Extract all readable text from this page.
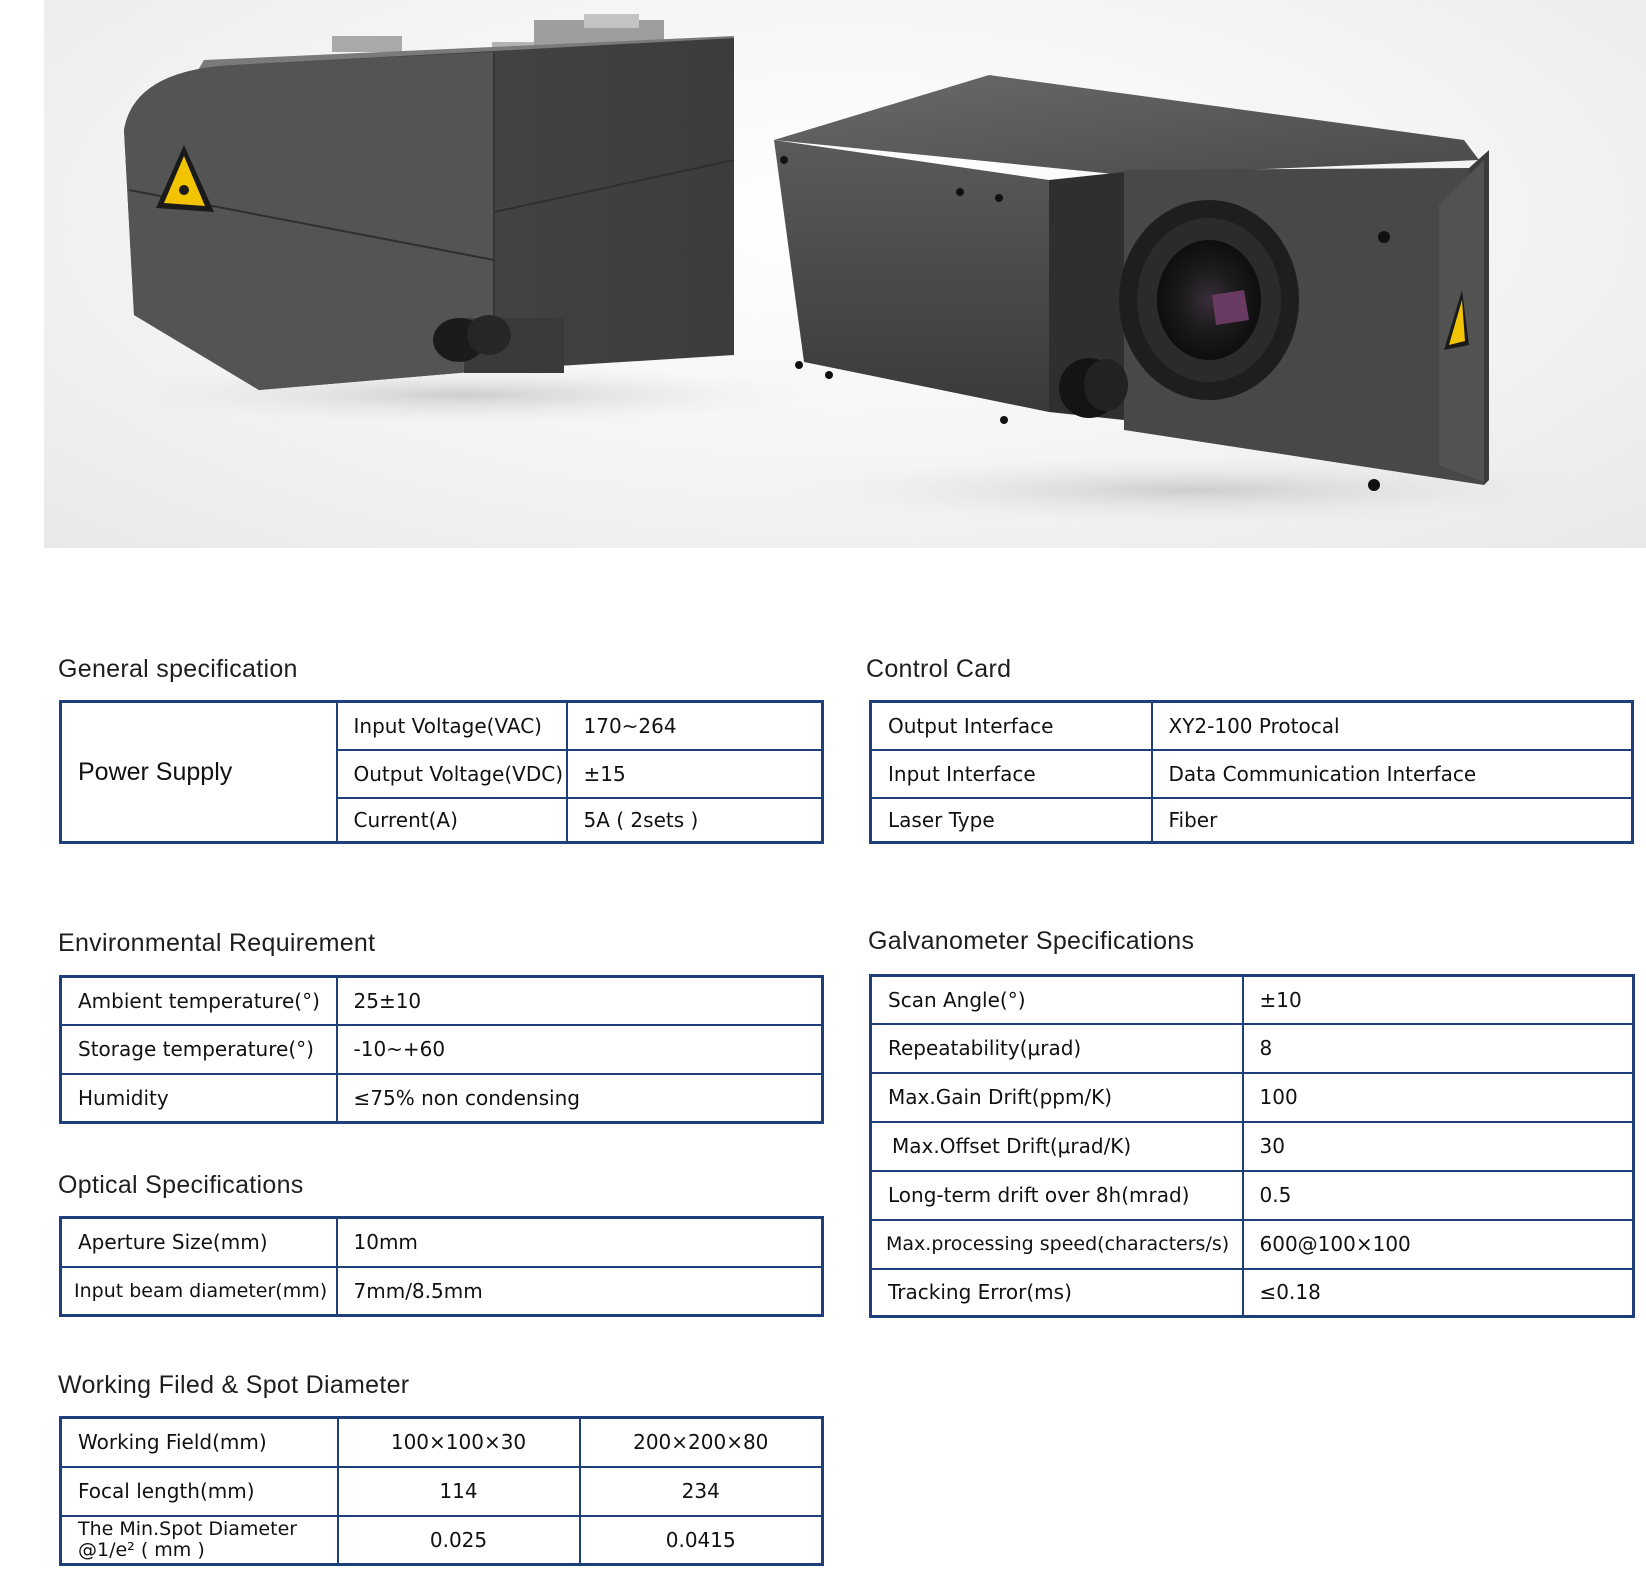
General specification
Power Supply	Input Voltage(VAC)	170~264
	Output Voltage(VDC)	±15
	Current(A)	5A ( 2sets )
Control Card
Output Interface	XY2-100 Protocal
Input Interface	Data Communication Interface
Laser Type	Fiber
Environmental Requirement
Ambient temperature(°)	25±10
Storage temperature(°)	-10~+60
Humidity	≤75% non condensing
Galvanometer Specifications
Scan Angle(°)	±10
Repeatability(μrad)	8
Max.Gain Drift(ppm/K)	100
Max.Offset Drift(μrad/K)	30
Long-term drift over 8h(mrad)	0.5
Max.processing speed(characters/s)	600@100×100
Tracking Error(ms)	≤0.18
Optical Specifications
Aperture Size(mm)	10mm
Input beam diameter(mm)	7mm/8.5mm
Working Filed & Spot Diameter
Working Field(mm)	100×100×30	200×200×80
Focal length(mm)	114	234

The Min.Spot Diameter
@1/e² ( mm )	0.025	0.0415
